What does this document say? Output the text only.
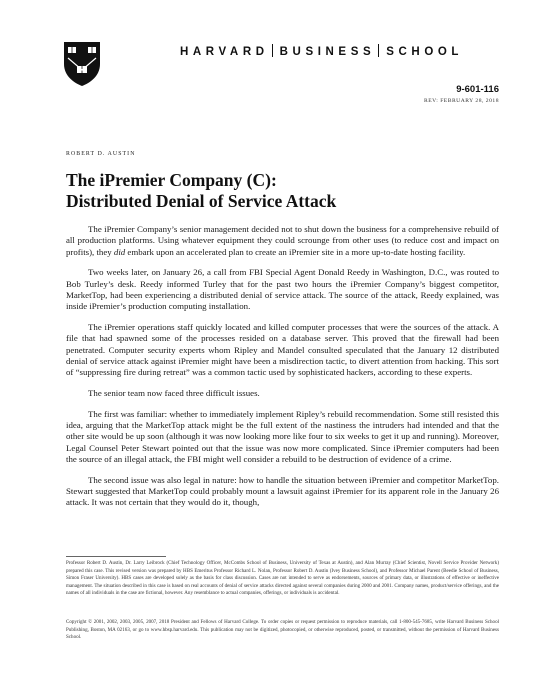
HARVARD BUSINESS SCHOOL
9-601-116
REV: FEBRUARY 28, 2018
ROBERT D. AUSTIN
The iPremier Company (C):
Distributed Denial of Service Attack

The iPremier Company’s senior management decided not to shut down the business for a comprehensive rebuild of all production platforms. Using whatever equipment they could scrounge from other uses (to reduce cost and impact on profits), they did embark upon an accelerated plan to create an iPremier site in a more up-to-date hosting facility.

Two weeks later, on January 26, a call from FBI Special Agent Donald Reedy in Washington, D.C., was routed to Bob Turley’s desk. Reedy informed Turley that for the past two hours the iPremier Company’s biggest competitor, MarketTop, had been experiencing a distributed denial of service attack. The source of the attack, Reedy explained, was inside iPremier’s production computing installation.

The iPremier operations staff quickly located and killed computer processes that were the sources of the attack. A file that had spawned some of the processes resided on a database server. This proved that the firewall had been penetrated. Computer security experts whom Ripley and Mandel consulted speculated that the January 12 distributed denial of service attack against iPremier might have been a misdirection tactic, to divert attention from hacking. This sort of “suppressing fire during retreat” was a common tactic used by sophisticated hackers, according to these experts.

The senior team now faced three difficult issues.

The first was familiar: whether to immediately implement Ripley’s rebuild recommendation. Some still resisted this idea, arguing that the MarketTop attack might be the full extent of the nastiness the intruders had intended and that the other site would be up soon (although it was now looking more like four to six weeks to get it up and running). Moreover, Legal Counsel Peter Stewart pointed out that the issue was now more complicated. Since iPremier computers had been the source of an illegal attack, the FBI might well consider a rebuild to be destruction of evidence of a crime.

The second issue was also legal in nature: how to handle the situation between iPremier and competitor MarketTop. Stewart suggested that MarketTop could probably mount a lawsuit against iPremier for its apparent role in the January 26 attack. It was not certain that they would do it, though,

Professor Robert D. Austin, Dr. Larry Leibrock (Chief Technology Officer, McCombs School of Business, University of Texas at Austin), and Alan Murray (Chief Scientist, Novell Service Provider Network) prepared this case. This revised version was prepared by HBS Emeritus Professor Richard L. Nolan, Professor Robert D. Austin (Ivey Business School), and Professor Michael Parent (Beedie School of Business, Simon Fraser University). HBS cases are developed solely as the basis for class discussion. Cases are not intended to serve as endorsements, sources of primary data, or illustrations of effective or ineffective management. The situation described in this case is based on real accounts of denial of service attacks directed against several companies during 2000 and 2001. Company names, product/service offerings, and the names of all individuals in the case are fictional, however. Any resemblance to actual companies, offerings, or individuals is accidental.

Copyright © 2001, 2002, 2003, 2005, 2007, 2018 President and Fellows of Harvard College. To order copies or request permission to reproduce materials, call 1-800-545-7685, write Harvard Business School Publishing, Boston, MA 02163, or go to www.hbsp.harvard.edu. This publication may not be digitized, photocopied, or otherwise reproduced, posted, or transmitted, without the permission of Harvard Business School.
